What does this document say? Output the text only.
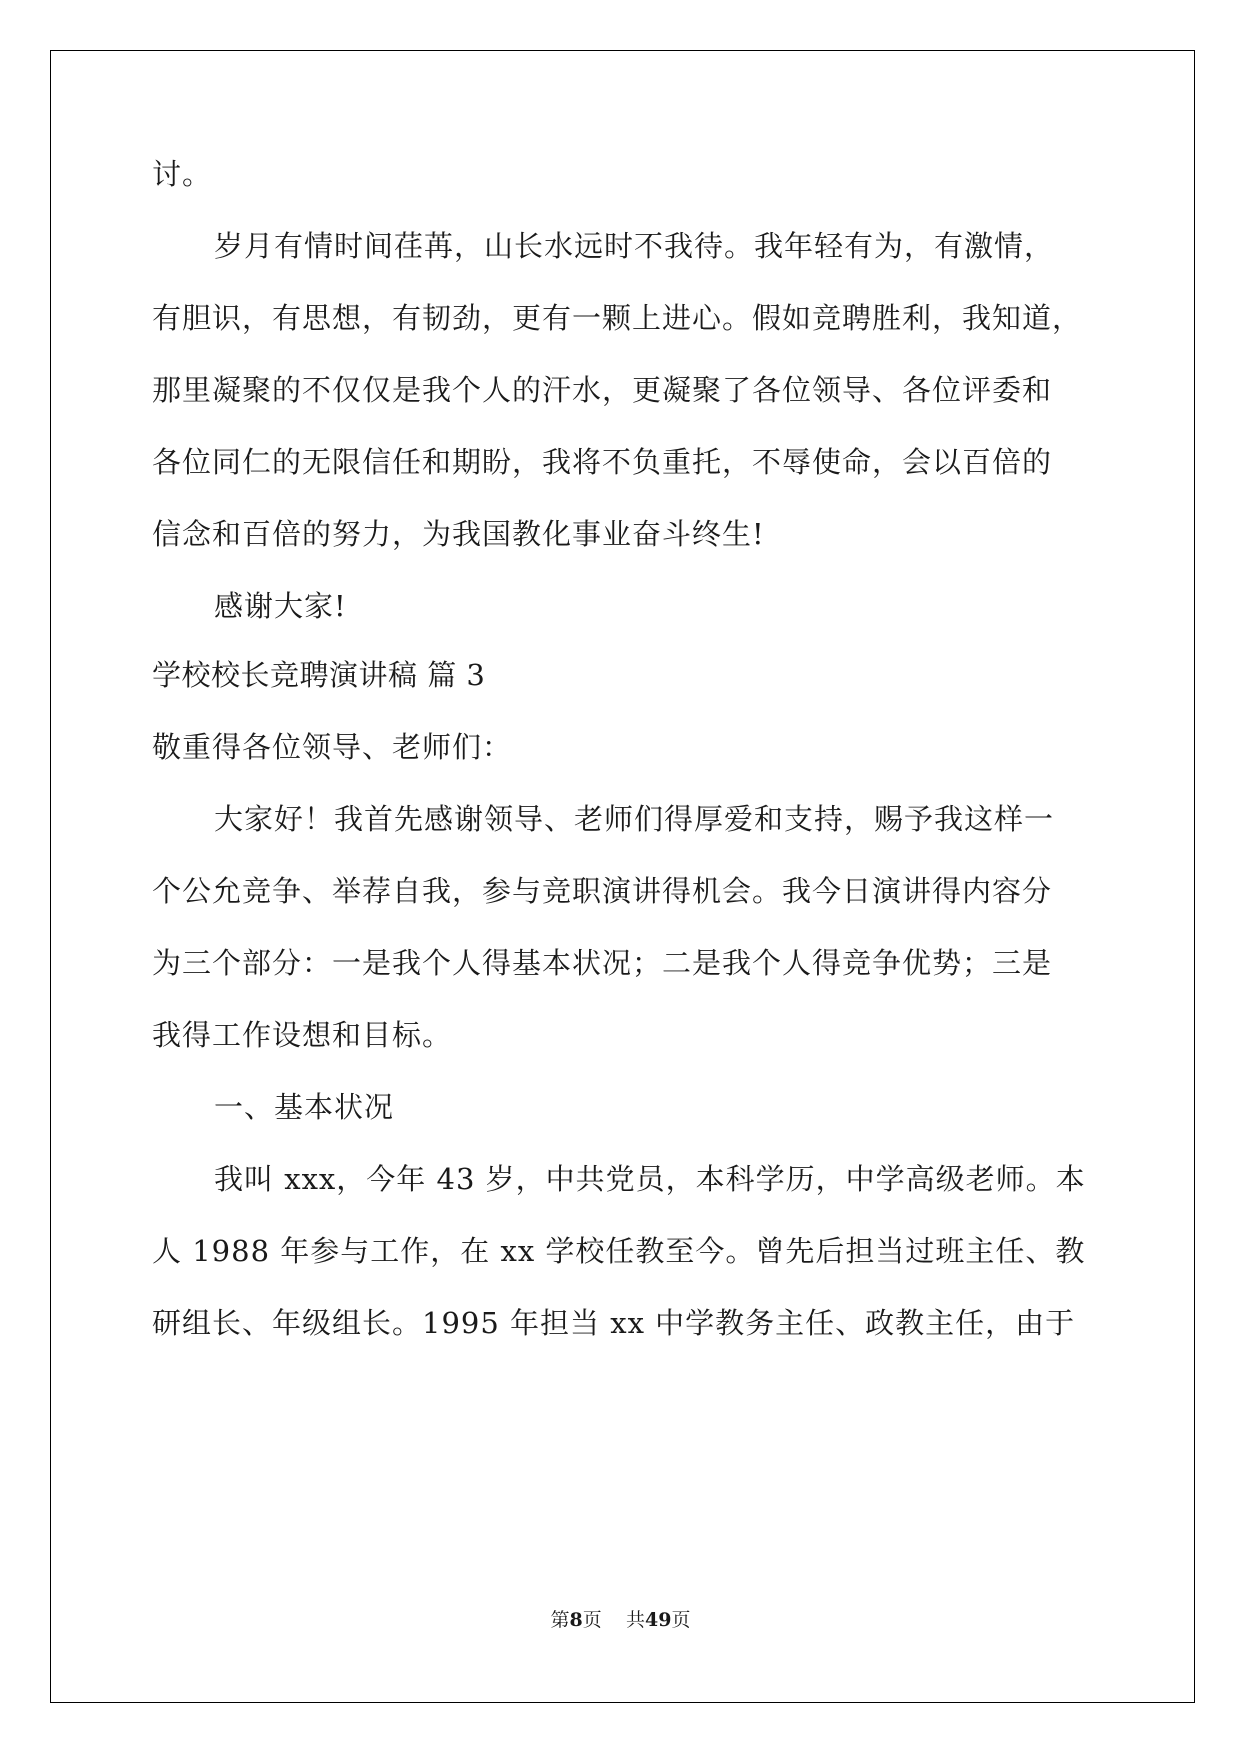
讨。
岁月有情时间荏苒，山长水远时不我待。我年轻有为，有激情，
有胆识，有思想，有韧劲，更有一颗上进心。假如竞聘胜利，我知道，
那里凝聚的不仅仅是我个人的汗水，更凝聚了各位领导、各位评委和
各位同仁的无限信任和期盼，我将不负重托，不辱使命，会以百倍的
信念和百倍的努力，为我国教化事业奋斗终生!
感谢大家!
学校校长竞聘演讲稿 篇 3
敬重得各位领导、老师们：
大家好！我首先感谢领导、老师们得厚爱和支持，赐予我这样一
个公允竞争、举荐自我，参与竞职演讲得机会。我今日演讲得内容分
为三个部分：一是我个人得基本状况；二是我个人得竞争优势；三是
我得工作设想和目标。
一、基本状况
我叫 xxx，今年 43 岁，中共党员，本科学历，中学高级老师。本
人 1988 年参与工作，在 xx 学校任教至今。曾先后担当过班主任、教
研组长、年级组长。1995 年担当 xx 中学教务主任、政教主任，由于
第8页 共49页
